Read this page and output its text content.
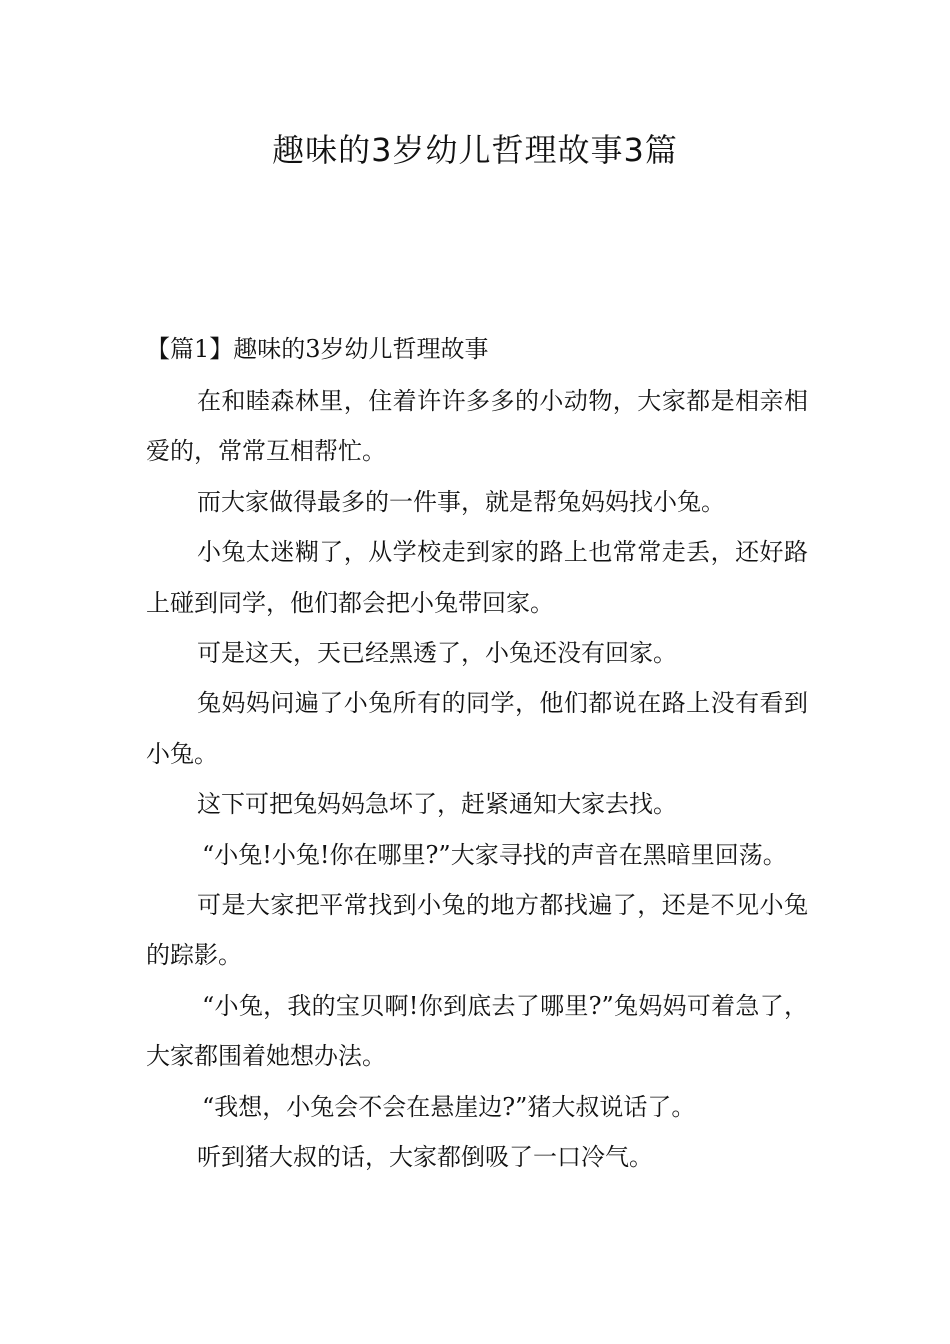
趣味的3岁幼儿哲理故事3篇
【篇1】趣味的3岁幼儿哲理故事

在和睦森林里，住着许许多多的小动物，大家都是相亲相爱的，常常互相帮忙。

而大家做得最多的一件事，就是帮兔妈妈找小兔。

小兔太迷糊了，从学校走到家的路上也常常走丢，还好路上碰到同学，他们都会把小兔带回家。

可是这天，天已经黑透了，小兔还没有回家。

兔妈妈问遍了小兔所有的同学，他们都说在路上没有看到小兔。

这下可把兔妈妈急坏了，赶紧通知大家去找。

“小兔!小兔!你在哪里?”大家寻找的声音在黑暗里回荡。

可是大家把平常找到小兔的地方都找遍了，还是不见小兔的踪影。

“小兔，我的宝贝啊!你到底去了哪里?”兔妈妈可着急了，大家都围着她想办法。

“我想，小兔会不会在悬崖边?”猪大叔说话了。

听到猪大叔的话，大家都倒吸了一口冷气。
